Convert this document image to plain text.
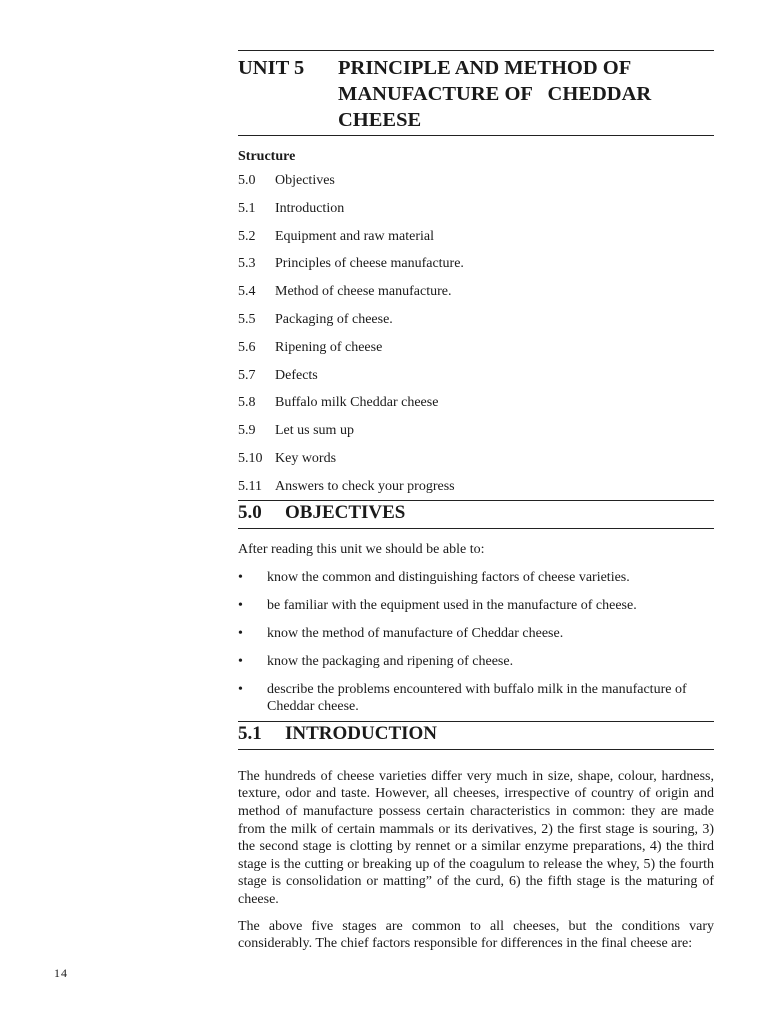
UNIT 5	PRINCIPLE AND METHOD OF
MANUFACTURE OF   CHEDDAR
CHEESE
Structure
5.0	Objectives
5.1	Introduction
5.2	Equipment and raw material
5.3	Principles of cheese manufacture.
5.4	Method of cheese manufacture.
5.5	Packaging of cheese.
5.6	Ripening of cheese
5.7	Defects
5.8	Buffalo milk Cheddar cheese
5.9	Let us sum up
5.10 Key words
5.11 Answers to check your progress
5.0	OBJECTIVES
After reading this unit we should be able to:
•	know the common and distinguishing factors of cheese varieties.
•	be familiar with the equipment used in the manufacture of cheese.
•	know the method of manufacture of Cheddar cheese.
•	know the packaging and ripening of cheese.
•	describe the problems encountered with buffalo milk in the manufacture of Cheddar cheese.
5.1	INTRODUCTION

The hundreds of cheese varieties differ very much in size, shape, colour, hardness, texture, odor and taste. However, all cheeses, irrespective of country of origin and method of manufacture possess certain characteristics in common: they are made from the milk of certain mammals or its derivatives, 2) the first stage is souring, 3) the second stage is clotting by rennet or a similar enzyme preparations, 4) the third stage is the cutting or breaking up of the coagulum to release the whey, 5) the fourth stage is consolidation or matting” of the curd, 6) the fifth stage is the maturing of cheese.

The above five stages are common to all cheeses, but the conditions vary considerably. The chief factors responsible for differences in the final cheese are:

14
